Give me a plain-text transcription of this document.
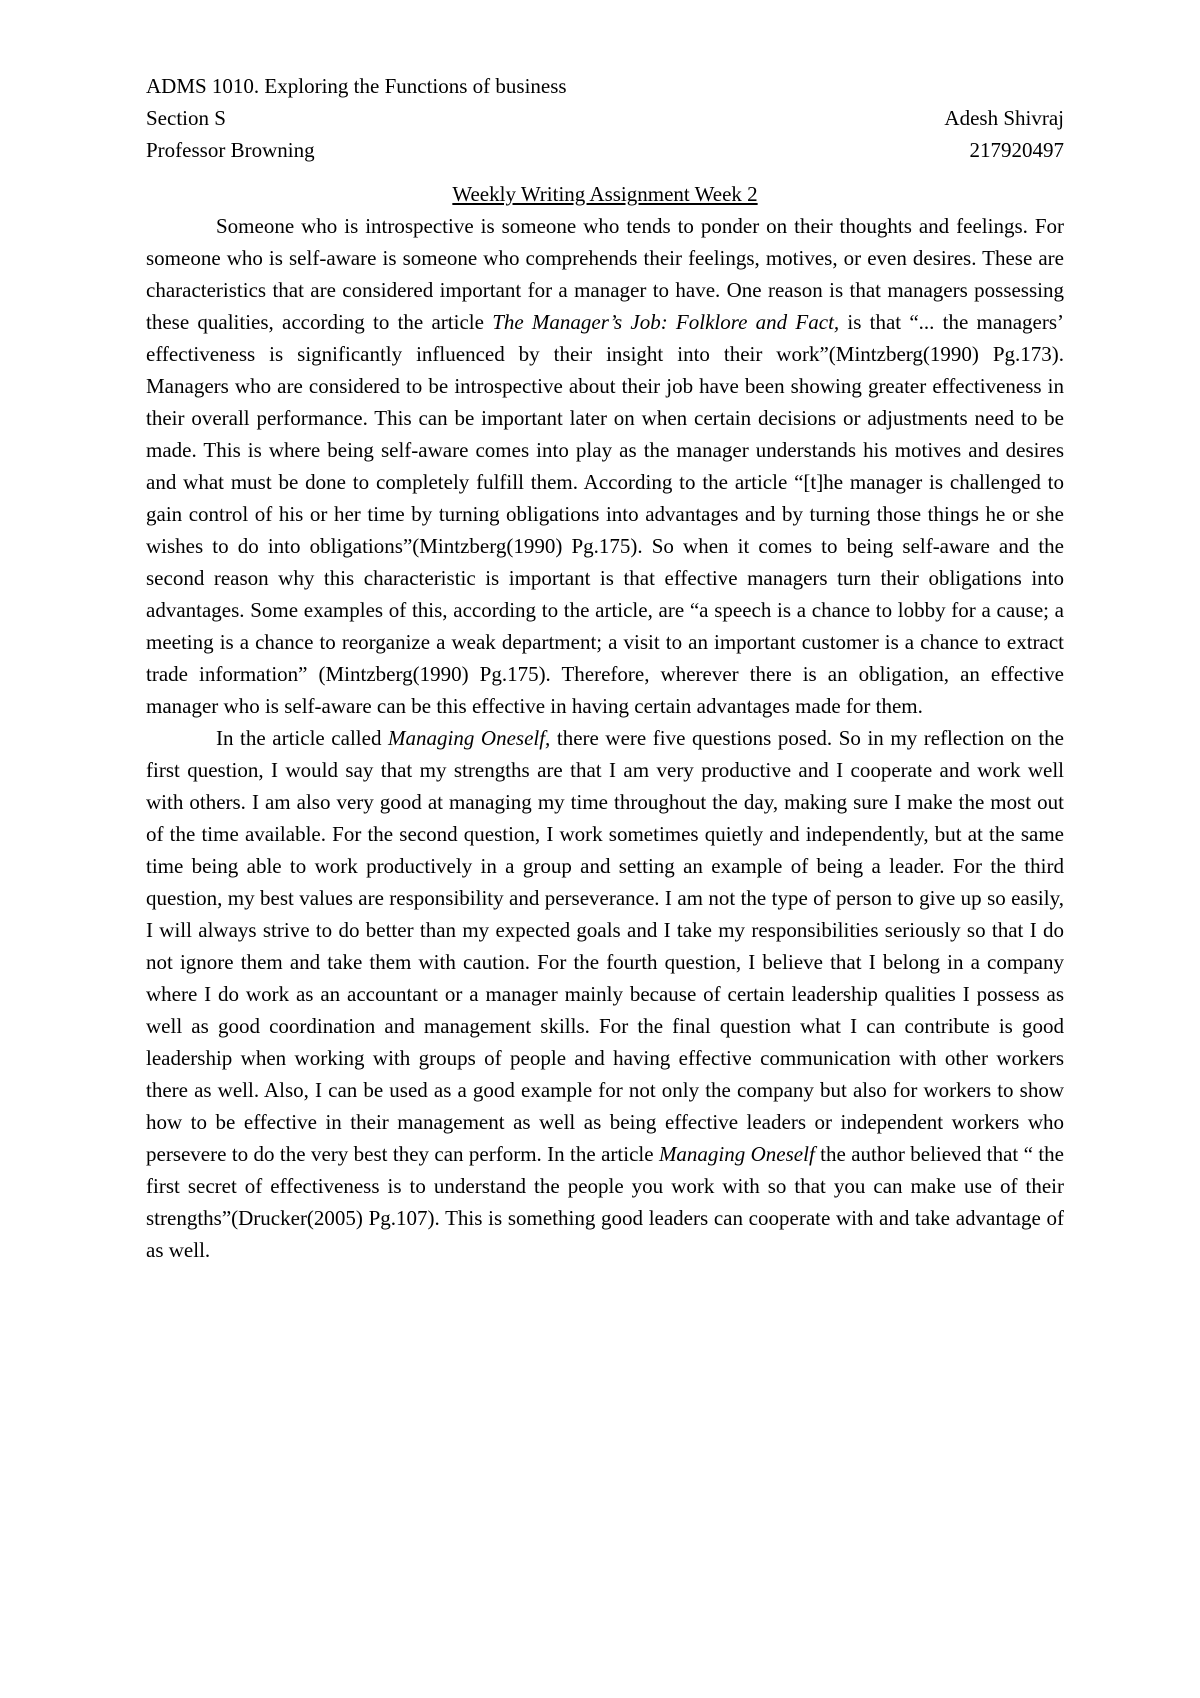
ADMS 1010. Exploring the Functions of business
Section S	Adesh Shivraj
Professor Browning	217920497
Weekly Writing Assignment Week 2

Someone who is introspective is someone who tends to ponder on their thoughts and feelings. For someone who is self-aware is someone who comprehends their feelings, motives, or even desires. These are characteristics that are considered important for a manager to have. One reason is that managers possessing these qualities, according to the article The Manager’s Job: Folklore and Fact, is that “... the managers’ effectiveness is significantly influenced by their insight into their work”(Mintzberg(1990) Pg.173). Managers who are considered to be introspective about their job have been showing greater effectiveness in their overall performance. This can be important later on when certain decisions or adjustments need to be made. This is where being self-aware comes into play as the manager understands his motives and desires and what must be done to completely fulfill them. According to the article “[t]he manager is challenged to gain control of his or her time by turning obligations into advantages and by turning those things he or she wishes to do into obligations”(Mintzberg(1990) Pg.175). So when it comes to being self-aware and the second reason why this characteristic is important is that effective managers turn their obligations into advantages. Some examples of this, according to the article, are “a speech is a chance to lobby for a cause; a meeting is a chance to reorganize a weak department; a visit to an important customer is a chance to extract trade information” (Mintzberg(1990) Pg.175). Therefore, wherever there is an obligation, an effective manager who is self-aware can be this effective in having certain advantages made for them.

In the article called Managing Oneself, there were five questions posed. So in my reflection on the first question, I would say that my strengths are that I am very productive and I cooperate and work well with others. I am also very good at managing my time throughout the day, making sure I make the most out of the time available. For the second question, I work sometimes quietly and independently, but at the same time being able to work productively in a group and setting an example of being a leader. For the third question, my best values are responsibility and perseverance. I am not the type of person to give up so easily, I will always strive to do better than my expected goals and I take my responsibilities seriously so that I do not ignore them and take them with caution. For the fourth question, I believe that I belong in a company where I do work as an accountant or a manager mainly because of certain leadership qualities I possess as well as good coordination and management skills. For the final question what I can contribute is good leadership when working with groups of people and having effective communication with other workers there as well. Also, I can be used as a good example for not only the company but also for workers to show how to be effective in their management as well as being effective leaders or independent workers who persevere to do the very best they can perform. In the article Managing Oneself the author believed that “ the first secret of effectiveness is to understand the people you work with so that you can make use of their strengths”(Drucker(2005) Pg.107). This is something good leaders can cooperate with and take advantage of as well.
